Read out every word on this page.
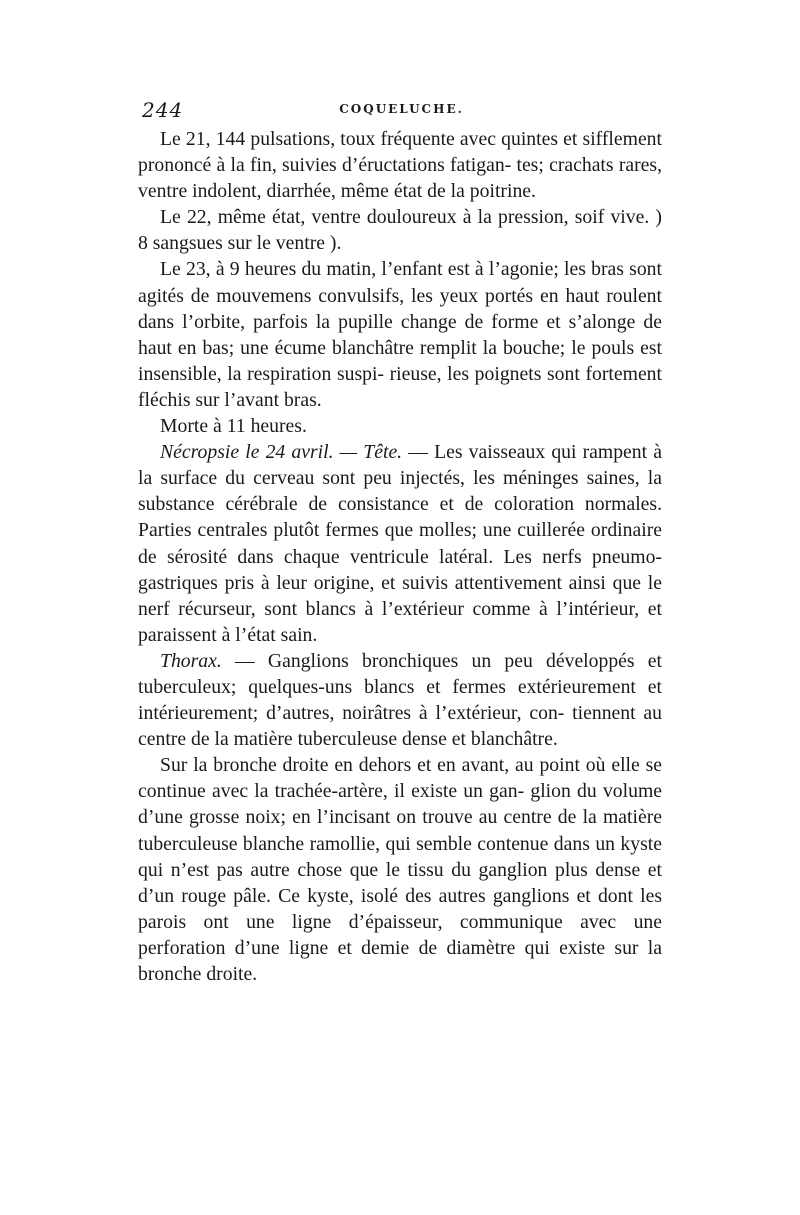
244	COQUELUCHE.

Le 21, 144 pulsations, toux fréquente avec quintes et sifflement prononcé à la fin, suivies d’éructations fatigan- tes; crachats rares, ventre indolent, diarrhée, même état de la poitrine.

Le 22, même état, ventre douloureux à la pression, soif vive. ) 8 sangsues sur le ventre ).

Le 23, à 9 heures du matin, l’enfant est à l’agonie; les bras sont agités de mouvemens convulsifs, les yeux portés en haut roulent dans l’orbite, parfois la pupille change de forme et s’alonge de haut en bas; une écume blanchâtre remplit la bouche; le pouls est insensible, la respiration suspi- rieuse, les poignets sont fortement fléchis sur l’avant bras.

Morte à 11 heures.

Nécropsie le 24 avril. — Tête. — Les vaisseaux qui rampent à la surface du cerveau sont peu injectés, les méninges saines, la substance cérébrale de consistance et de coloration normales. Parties centrales plutôt fermes que molles; une cuillerée ordinaire de sérosité dans chaque ventricule latéral. Les nerfs pneumo-gastriques pris à leur origine, et suivis attentivement ainsi que le nerf récurseur, sont blancs à l’extérieur comme à l’intérieur, et paraissent à l’état sain.

Thorax. — Ganglions bronchiques un peu développés et tuberculeux; quelques-uns blancs et fermes extérieurement et intérieurement; d’autres, noirâtres à l’extérieur, con- tiennent au centre de la matière tuberculeuse dense et blanchâtre.

Sur la bronche droite en dehors et en avant, au point où elle se continue avec la trachée-artère, il existe un gan- glion du volume d’une grosse noix; en l’incisant on trouve au centre de la matière tuberculeuse blanche ramollie, qui semble contenue dans un kyste qui n’est pas autre chose que le tissu du ganglion plus dense et d’un rouge pâle. Ce kyste, isolé des autres ganglions et dont les parois ont une ligne d’épaisseur, communique avec une perforation d’une ligne et demie de diamètre qui existe sur la bronche droite.
